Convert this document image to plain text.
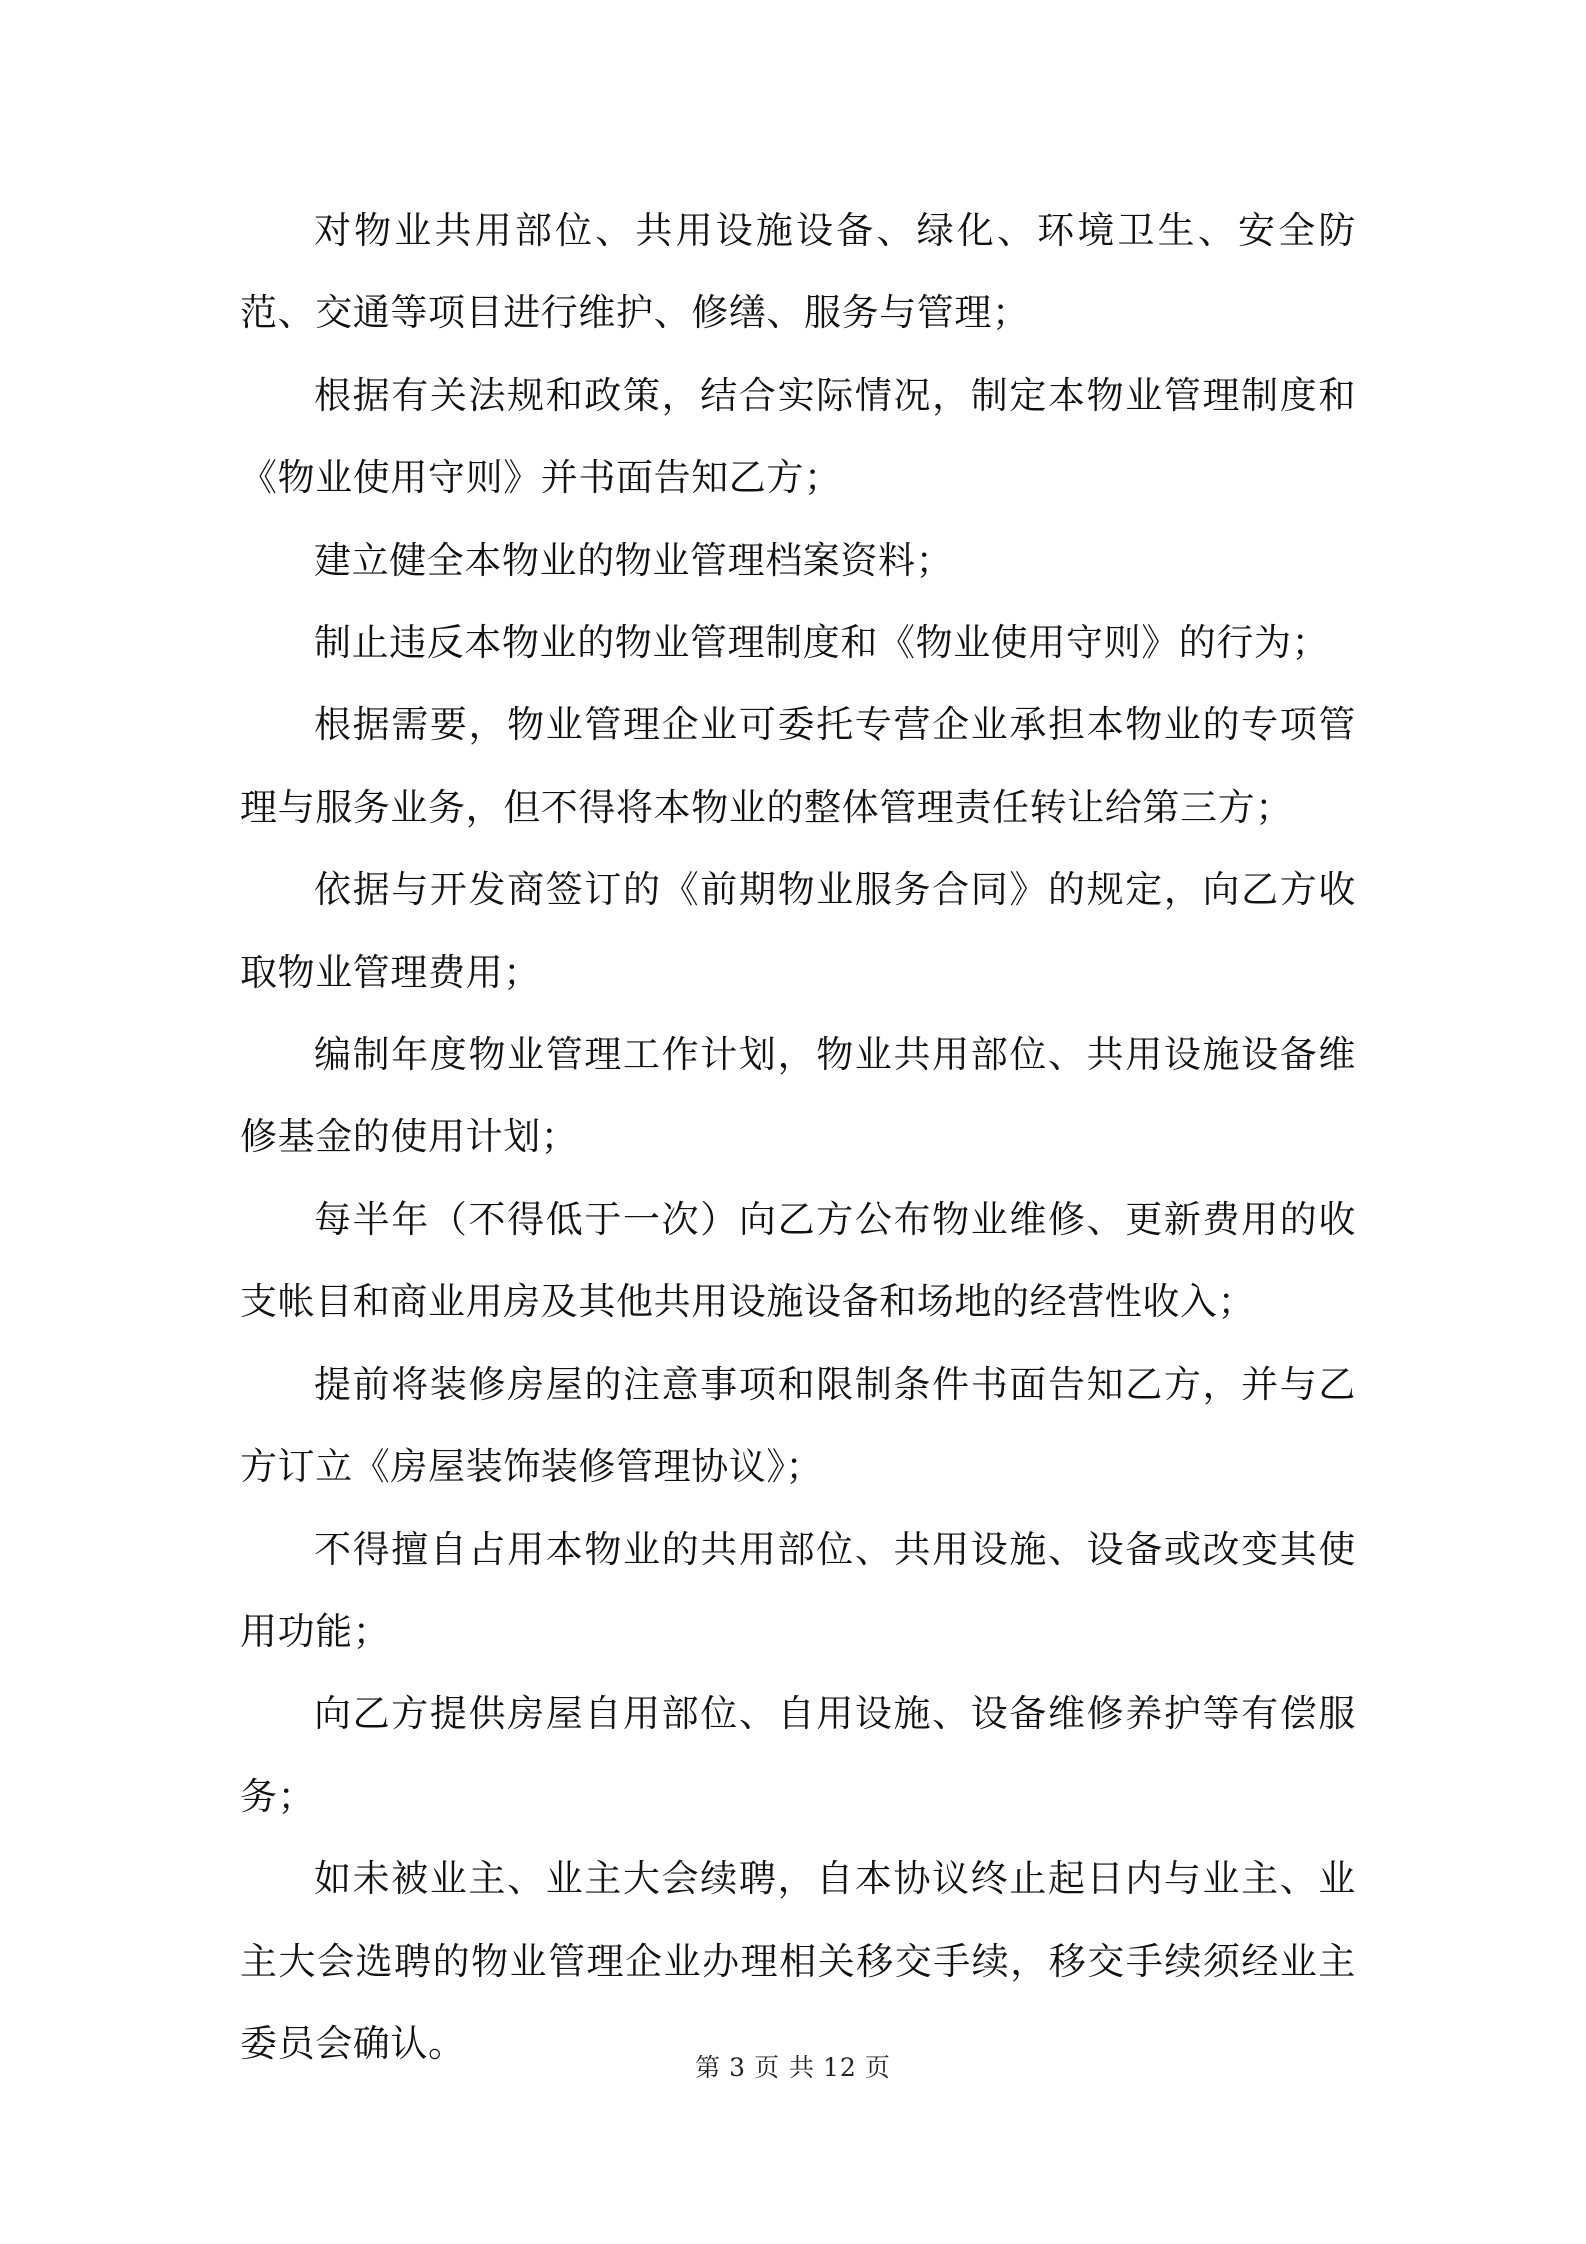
对物业共用部位、共用设施设备、绿化、环境卫生、安全防范、交通等项目进行维护、修缮、服务与管理；

根据有关法规和政策，结合实际情况，制定本物业管理制度和《物业使用守则》并书面告知乙方；

建立健全本物业的物业管理档案资料；

制止违反本物业的物业管理制度和《物业使用守则》的行为；

根据需要，物业管理企业可委托专营企业承担本物业的专项管理与服务业务，但不得将本物业的整体管理责任转让给第三方；

依据与开发商签订的《前期物业服务合同》的规定，向乙方收取物业管理费用；

编制年度物业管理工作计划，物业共用部位、共用设施设备维修基金的使用计划；

每半年（不得低于一次）向乙方公布物业维修、更新费用的收支帐目和商业用房及其他共用设施设备和场地的经营性收入；

提前将装修房屋的注意事项和限制条件书面告知乙方，并与乙方订立《房屋装饰装修管理协议》；

不得擅自占用本物业的共用部位、共用设施、设备或改变其使用功能；

向乙方提供房屋自用部位、自用设施、设备维修养护等有偿服务；

如未被业主、业主大会续聘，自本协议终止起日内与业主、业主大会选聘的物业管理企业办理相关移交手续，移交手续须经业主委员会确认。

第 3 页 共 12 页
